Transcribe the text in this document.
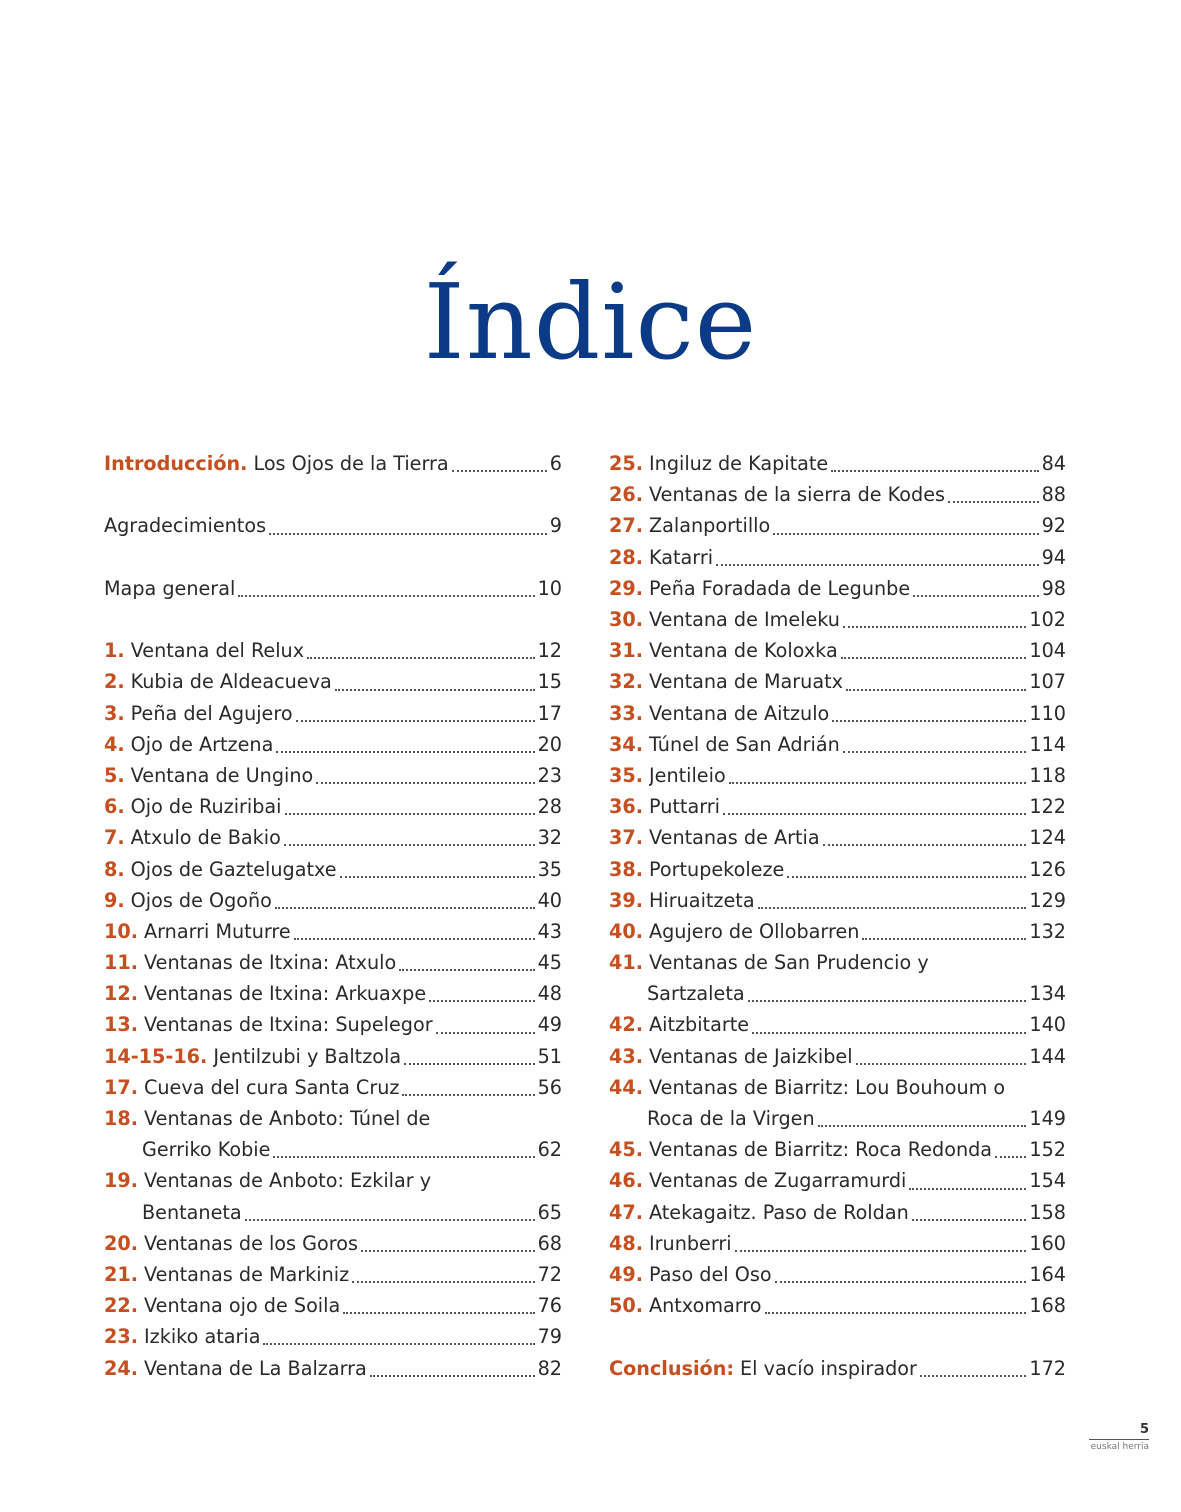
Índice
Introducción. Los Ojos de la Tierra	6
Agradecimientos	9
Mapa general	10
1. Ventana del Relux	12
2. Kubia de Aldeacueva	15
3. Peña del Agujero	17
4. Ojo de Artzena	20
5. Ventana de Ungino	23
6. Ojo de Ruziribai	28
7. Atxulo de Bakio	32
8. Ojos de Gaztelugatxe	35
9. Ojos de Ogoño	40
10. Arnarri Muturre	43
11. Ventanas de Itxina: Atxulo	45
12. Ventanas de Itxina: Arkuaxpe	48
13. Ventanas de Itxina: Supelegor	49
14-15-16. Jentilzubi y Baltzola	51
17. Cueva del cura Santa Cruz	56
18. Ventanas de Anboto: Túnel de
Gerriko Kobie	62
19. Ventanas de Anboto: Ezkilar y
Bentaneta	65
20. Ventanas de los Goros	68
21. Ventanas de Markiniz	72
22. Ventana ojo de Soila	76
23. Izkiko ataria	79
24. Ventana de La Balzarra	82
25. Ingiluz de Kapitate	84
26. Ventanas de la sierra de Kodes	88
27. Zalanportillo	92
28. Katarri	94
29. Peña Foradada de Legunbe	98
30. Ventana de Imeleku	102
31. Ventana de Koloxka	104
32. Ventana de Maruatx	107
33. Ventana de Aitzulo	110
34. Túnel de San Adrián	114
35. Jentileio	118
36. Puttarri	122
37. Ventanas de Artia	124
38. Portupekoleze	126
39. Hiruaitzeta	129
40. Agujero de Ollobarren	132
41. Ventanas de San Prudencio y
Sartzaleta	134
42. Aitzbitarte	140
43. Ventanas de Jaizkibel	144
44. Ventanas de Biarritz: Lou Bouhoum o
Roca de la Virgen	149
45. Ventanas de Biarritz: Roca Redonda 152
46. Ventanas de Zugarramurdi	154
47. Atekagaitz. Paso de Roldan	158
48. Irunberri	160
49. Paso del Oso	164
50. Antxomarro	168
Conclusión: El vacío inspirador	172
5
euskal herria
